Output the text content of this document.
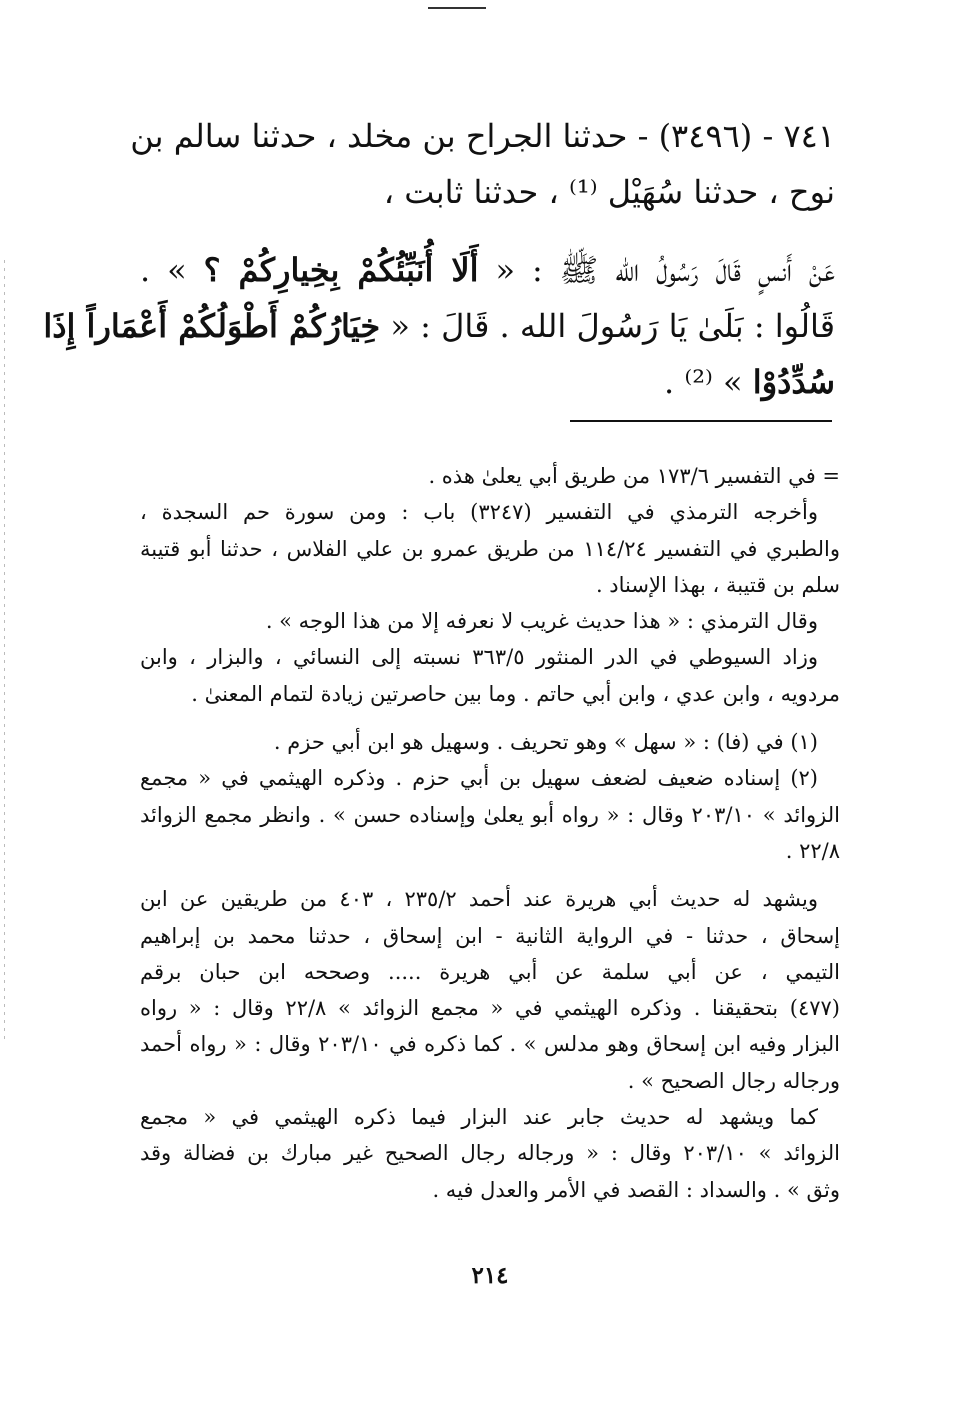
٧٤١ - (٣٤٩٦) - حدثنا الجراح بن مخلد ، حدثنا سالم بن
نوح ، حدثنا سُهَيْل ⁽¹⁾ ، حدثنا ثابت ،
عَنْ أَنسٍ قَالَ رَسُولُ الله ﷺ : « أَلَا أُنَبِّئُكُمْ بِخِيارِكُمْ ؟ » .
قَالُوا : بَلَىٰ يَا رَسُولَ الله . قَالَ : « خِيَارُكُمْ أَطْوَلُكُمْ أَعْمَاراً إِذَا
سُدِّدُوْا » ⁽²⁾ .

= في التفسير ١٧٣/٦ من طريق أبي يعلىٰ هذه .
وأخرجه الترمذي في التفسير (٣٢٤٧) باب : ومن سورة حم السجدة ،
والطبري في التفسير ١١٤/٢٤ من طريق عمرو بن علي الفلاس ، حدثنا أبو قتيبة
سلم بن قتيبة ، بهذا الإسناد .
وقال الترمذي : « هذا حديث غريب لا نعرفه إلا من هذا الوجه » .
وزاد السيوطي في الدر المنثور ٣٦٣/٥ نسبته إلى النسائي ، والبزار ، وابن
مردويه ، وابن عدي ، وابن أبي حاتم . وما بين حاصرتين زيادة لتمام المعنىٰ .

(١) في (فا) : « سهل » وهو تحريف . وسهيل هو ابن أبي حزم .

(٢) إسناده ضعيف لضعف سهيل بن أبي حزم . وذكره الهيثمي في « مجمع
الزوائد » ٢٠٣/١٠ وقال : « رواه أبو يعلىٰ وإسناده حسن » . وانظر مجمع الزوائد
٢٢/٨ .

ويشهد له حديث أبي هريرة عند أحمد ٢٣٥/٢ ، ٤٠٣ من طريقين عن ابن
إسحاق ، حدثنا - في الرواية الثانية - ابن إسحاق ، حدثنا محمد بن إبراهيم
التيمي ، عن أبي سلمة عن أبي هريرة ..... وصححه ابن حبان برقم
(٤٧٧) بتحقيقنا . وذكره الهيثمي في « مجمع الزوائد » ٢٢/٨ وقال : « رواه
البزار وفيه ابن إسحاق وهو مدلس » . كما ذكره في ٢٠٣/١٠ وقال : « رواه أحمد
ورجاله رجال الصحيح » .

كما ويشهد له حديث جابر عند البزار فيما ذكره الهيثمي في « مجمع
الزوائد » ٢٠٣/١٠ وقال : « ورجاله رجال الصحيح غير مبارك بن فضالة وقد
وثق » . والسداد : القصد في الأمر والعدل فيه .

٢١٤
